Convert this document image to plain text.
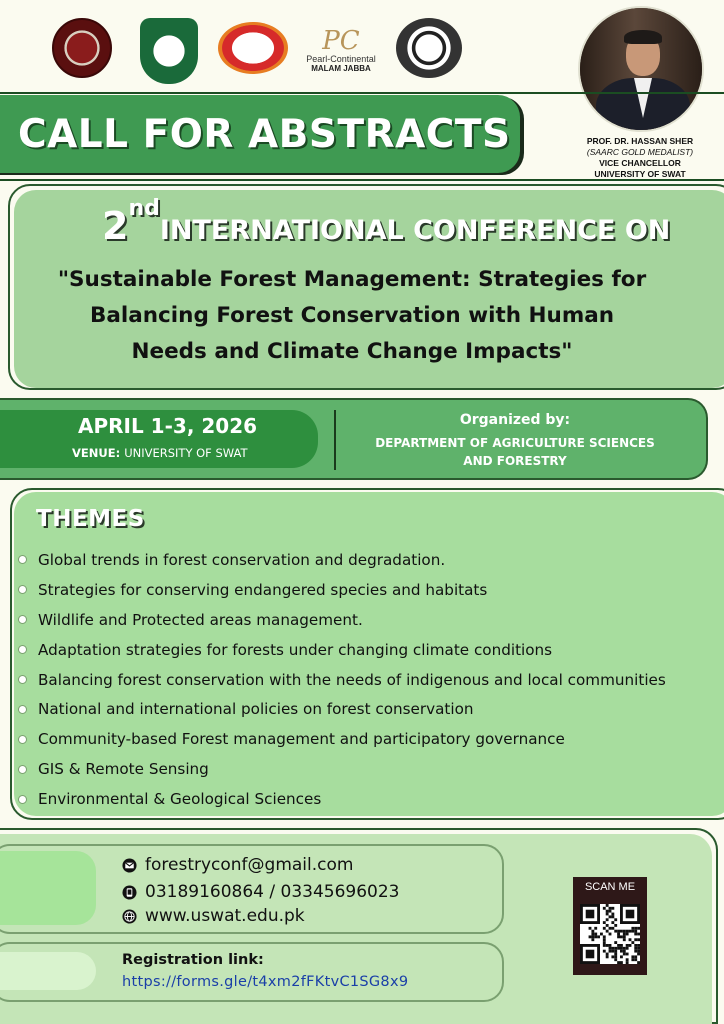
PC
Pearl-Continental
MALAM JABBA
PROF. DR. HASSAN SHER
(SAARC GOLD MEDALIST)
VICE CHANCELLOR
UNIVERSITY OF SWAT
CALL FOR ABSTRACTS
2ndINTERNATIONAL CONFERENCE ON
"Sustainable Forest Management: Strategies for
Balancing Forest Conservation with Human
Needs and Climate Change Impacts"
APRIL 1-3, 2026
VENUE: UNIVERSITY OF SWAT
Organized by:
DEPARTMENT OF AGRICULTURE SCIENCES
AND FORESTRY
THEMES
Global trends in forest conservation and degradation.
Strategies for conserving endangered species and habitats
Wildlife and Protected areas management.
Adaptation strategies for forests under changing climate conditions
Balancing forest conservation with the needs of indigenous and local communities
National and international policies on forest conservation
Community-based Forest management and participatory governance
GIS & Remote Sensing
Environmental & Geological Sciences
forestryconf@gmail.com
03189160864 / 03345696023
www.uswat.edu.pk
Registration link:
https://forms.gle/t4xm2fFKtvC1SG8x9
SCAN ME
